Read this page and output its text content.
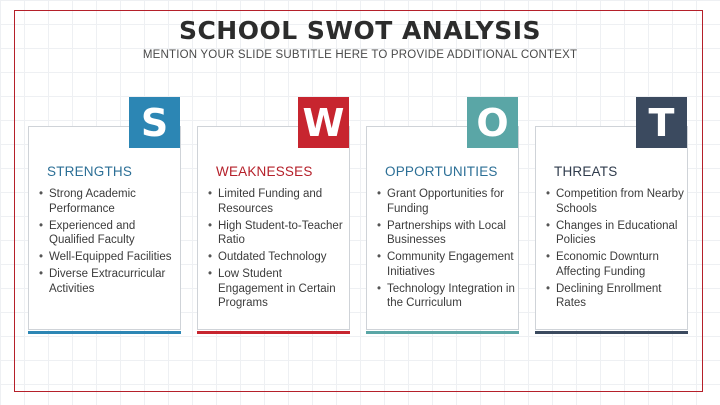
SCHOOL SWOT ANALYSIS
MENTION YOUR SLIDE SUBTITLE HERE TO PROVIDE ADDITIONAL CONTEXT
STRENGTHS
• Strong Academic Performance
• Experienced and Qualified Faculty
• Well-Equipped Facilities
• Diverse Extracurricular Activities
S
WEAKNESSES
• Limited Funding and Resources
• High Student-to-Teacher Ratio
• Outdated Technology
• Low Student Engagement in Certain Programs
W
OPPORTUNITIES
• Grant Opportunities for Funding
• Partnerships with Local Businesses
• Community Engagement Initiatives
• Technology Integration in the Curriculum
O
THREATS
• Competition from Nearby Schools
• Changes in Educational Policies
• Economic Downturn Affecting Funding
• Declining Enrollment Rates
T
